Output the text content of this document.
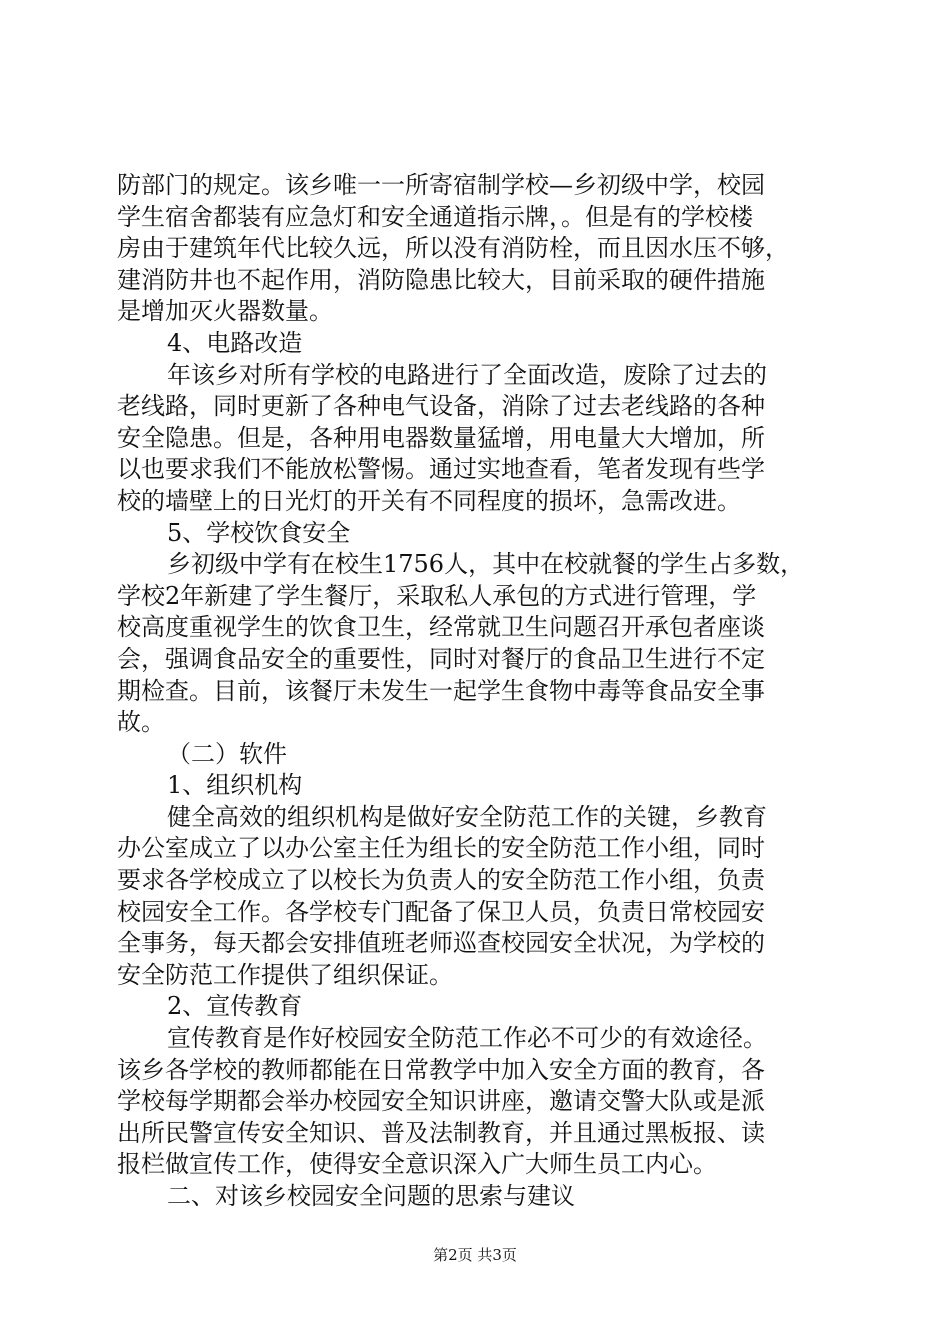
防部门的规定。该乡唯一一所寄宿制学校—乡初级中学，校园
学生宿舍都装有应急灯和安全通道指示牌，。但是有的学校楼
房由于建筑年代比较久远，所以没有消防栓，而且因水压不够，
建消防井也不起作用，消防隐患比较大，目前采取的硬件措施
是增加灭火器数量。
4、电路改造
年该乡对所有学校的电路进行了全面改造，废除了过去的
老线路，同时更新了各种电气设备，消除了过去老线路的各种
安全隐患。但是，各种用电器数量猛增，用电量大大增加，所
以也要求我们不能放松警惕。通过实地查看，笔者发现有些学
校的墙壁上的日光灯的开关有不同程度的损坏，急需改进。
5、学校饮食安全
乡初级中学有在校生1756人，其中在校就餐的学生占多数，
学校2年新建了学生餐厅，采取私人承包的方式进行管理，学
校高度重视学生的饮食卫生，经常就卫生问题召开承包者座谈
会，强调食品安全的重要性，同时对餐厅的食品卫生进行不定
期检查。目前，该餐厅未发生一起学生食物中毒等食品安全事
故。
（二）软件
1、组织机构
健全高效的组织机构是做好安全防范工作的关键，乡教育
办公室成立了以办公室主任为组长的安全防范工作小组，同时
要求各学校成立了以校长为负责人的安全防范工作小组，负责
校园安全工作。各学校专门配备了保卫人员，负责日常校园安
全事务，每天都会安排值班老师巡查校园安全状况，为学校的
安全防范工作提供了组织保证。
2、宣传教育
宣传教育是作好校园安全防范工作必不可少的有效途径。
该乡各学校的教师都能在日常教学中加入安全方面的教育，各
学校每学期都会举办校园安全知识讲座，邀请交警大队或是派
出所民警宣传安全知识、普及法制教育，并且通过黑板报、读
报栏做宣传工作，使得安全意识深入广大师生员工内心。
二、对该乡校园安全问题的思索与建议
第2页 共3页
